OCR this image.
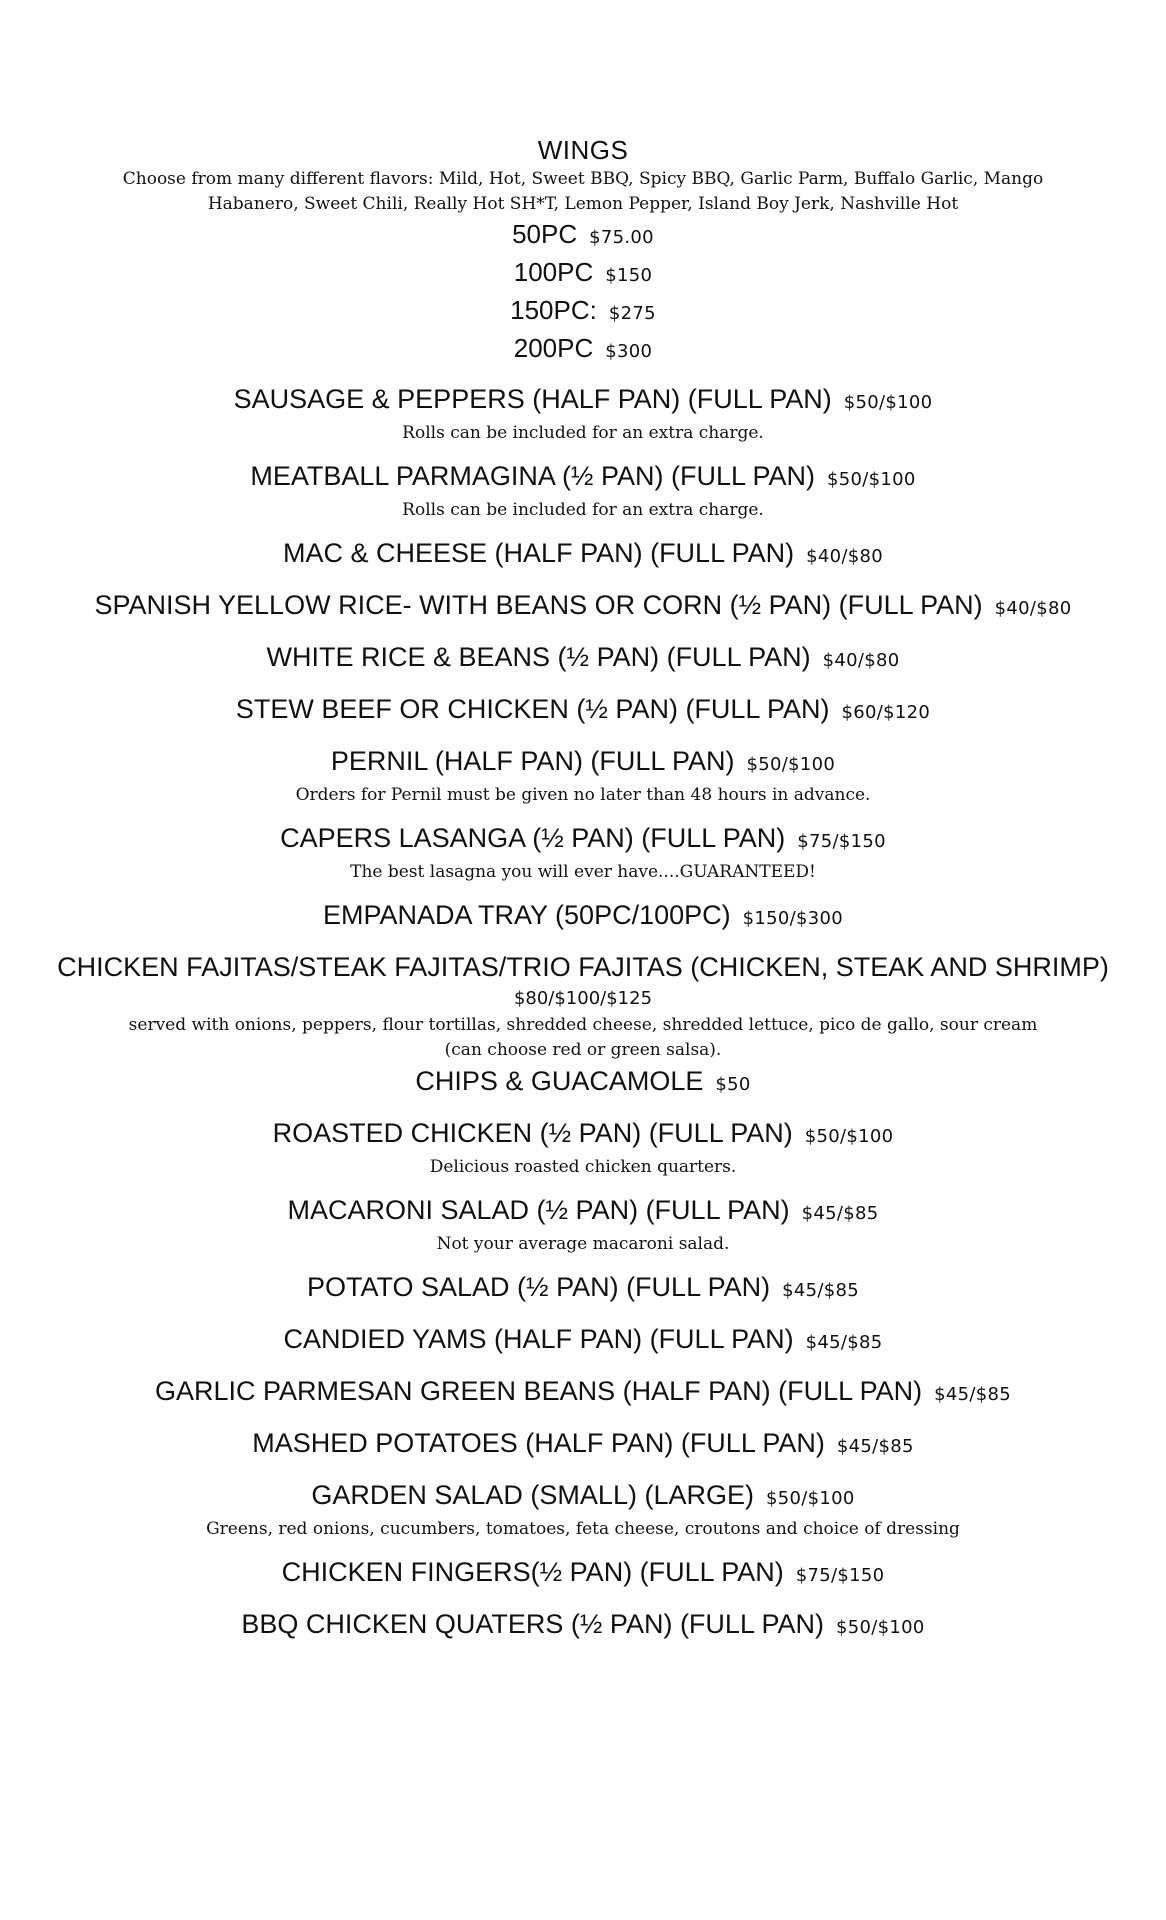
WINGS

Choose from many different flavors: Mild, Hot, Sweet BBQ, Spicy BBQ, Garlic Parm, Buffalo Garlic, Mango Habanero, Sweet Chili, Really Hot SH*T, Lemon Pepper, Island Boy Jerk, Nashville Hot

50PC $75.00

100PC $150

150PC: $275

200PC $300

SAUSAGE & PEPPERS (HALF PAN) (FULL PAN) $50/$100

Rolls can be included for an extra charge.

MEATBALL PARMAGINA (½ PAN) (FULL PAN) $50/$100

Rolls can be included for an extra charge.

MAC & CHEESE (HALF PAN) (FULL PAN) $40/$80

SPANISH YELLOW RICE- WITH BEANS OR CORN (½ PAN) (FULL PAN) $40/$80

WHITE RICE & BEANS (½ PAN) (FULL PAN) $40/$80

STEW BEEF OR CHICKEN (½ PAN) (FULL PAN) $60/$120

PERNIL (HALF PAN) (FULL PAN) $50/$100

Orders for Pernil must be given no later than 48 hours in advance.

CAPERS LASANGA (½ PAN) (FULL PAN) $75/$150

The best lasagna you will ever have....GUARANTEED!

EMPANADA TRAY (50PC/100PC) $150/$300

CHICKEN FAJITAS/STEAK FAJITAS/TRIO FAJITAS (CHICKEN, STEAK AND SHRIMP)

$80/$100/$125

served with onions, peppers, flour tortillas, shredded cheese, shredded lettuce, pico de gallo, sour cream (can choose red or green salsa).

CHIPS & GUACAMOLE $50

ROASTED CHICKEN (½ PAN) (FULL PAN) $50/$100

Delicious roasted chicken quarters.

MACARONI SALAD (½ PAN) (FULL PAN) $45/$85

Not your average macaroni salad.

POTATO SALAD (½ PAN) (FULL PAN) $45/$85

CANDIED YAMS (HALF PAN) (FULL PAN) $45/$85

GARLIC PARMESAN GREEN BEANS (HALF PAN) (FULL PAN) $45/$85

MASHED POTATOES (HALF PAN) (FULL PAN) $45/$85

GARDEN SALAD (SMALL) (LARGE) $50/$100

Greens, red onions, cucumbers, tomatoes, feta cheese, croutons and choice of dressing

CHICKEN FINGERS(½ PAN) (FULL PAN) $75/$150

BBQ CHICKEN QUATERS (½ PAN) (FULL PAN) $50/$100
